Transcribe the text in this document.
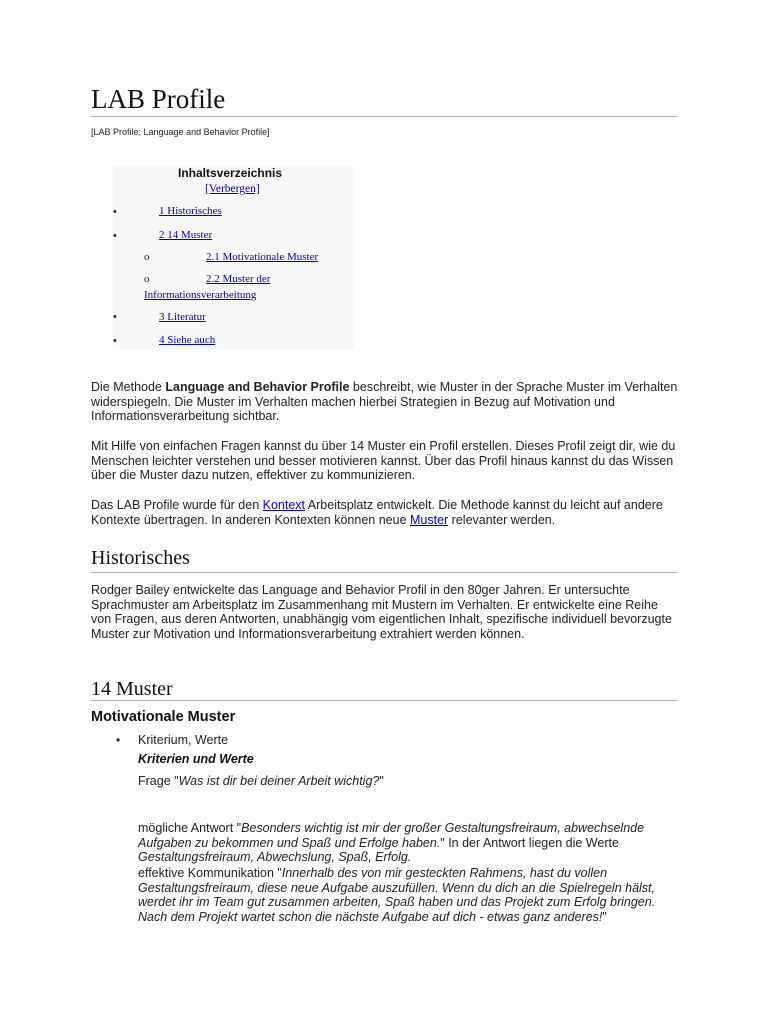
LAB Profile
[LAB Profile; Language and Behavior Profile]
Inhaltsverzeichnis
[Verbergen]
•	1 Historisches
•	2 14 Muster
o	2.1 Motivationale Muster
o	2.2 Muster der
Informationsverarbeitung
•	3 Literatur
•	4 Siehe auch
Die Methode Language and Behavior Profile beschreibt, wie Muster in der Sprache Muster im Verhalten widerspiegeln. Die Muster im Verhalten machen hierbei Strategien in Bezug auf Motivation und Informationsverarbeitung sichtbar.
Mit Hilfe von einfachen Fragen kannst du über 14 Muster ein Profil erstellen. Dieses Profil zeigt dir, wie du Menschen leichter verstehen und besser motivieren kannst. Über das Profil hinaus kannst du das Wissen über die Muster dazu nutzen, effektiver zu kommunizieren.
Das LAB Profile wurde für den Kontext Arbeitsplatz entwickelt. Die Methode kannst du leicht auf andere Kontexte übertragen. In anderen Kontexten können neue Muster relevanter werden.
Historisches
Rodger Bailey entwickelte das Language and Behavior Profil in den 80ger Jahren. Er untersuchte Sprachmuster am Arbeitsplatz im Zusammenhang mit Mustern im Verhalten. Er entwickelte eine Reihe von Fragen, aus deren Antworten, unabhängig vom eigentlichen Inhalt, spezifische individuell bevorzugte Muster zur Motivation und Informationsverarbeitung extrahiert werden können.
14 Muster
Motivationale Muster
• Kriterium, Werte
Kriterien und Werte
Frage "Was ist dir bei deiner Arbeit wichtig?"
mögliche Antwort "Besonders wichtig ist mir der großer Gestaltungsfreiraum, abwechselnde Aufgaben zu bekommen und Spaß und Erfolge haben." In der Antwort liegen die Werte Gestaltungsfreiraum, Abwechslung, Spaß, Erfolg.
effektive Kommunikation "Innerhalb des von mir gesteckten Rahmens, hast du vollen Gestaltungsfreiraum, diese neue Aufgabe auszufüllen. Wenn du dich an die Spielregeln hälst, werdet ihr im Team gut zusammen arbeiten, Spaß haben und das Projekt zum Erfolg bringen. Nach dem Projekt wartet schon die nächste Aufgabe auf dich - etwas ganz anderes!"
